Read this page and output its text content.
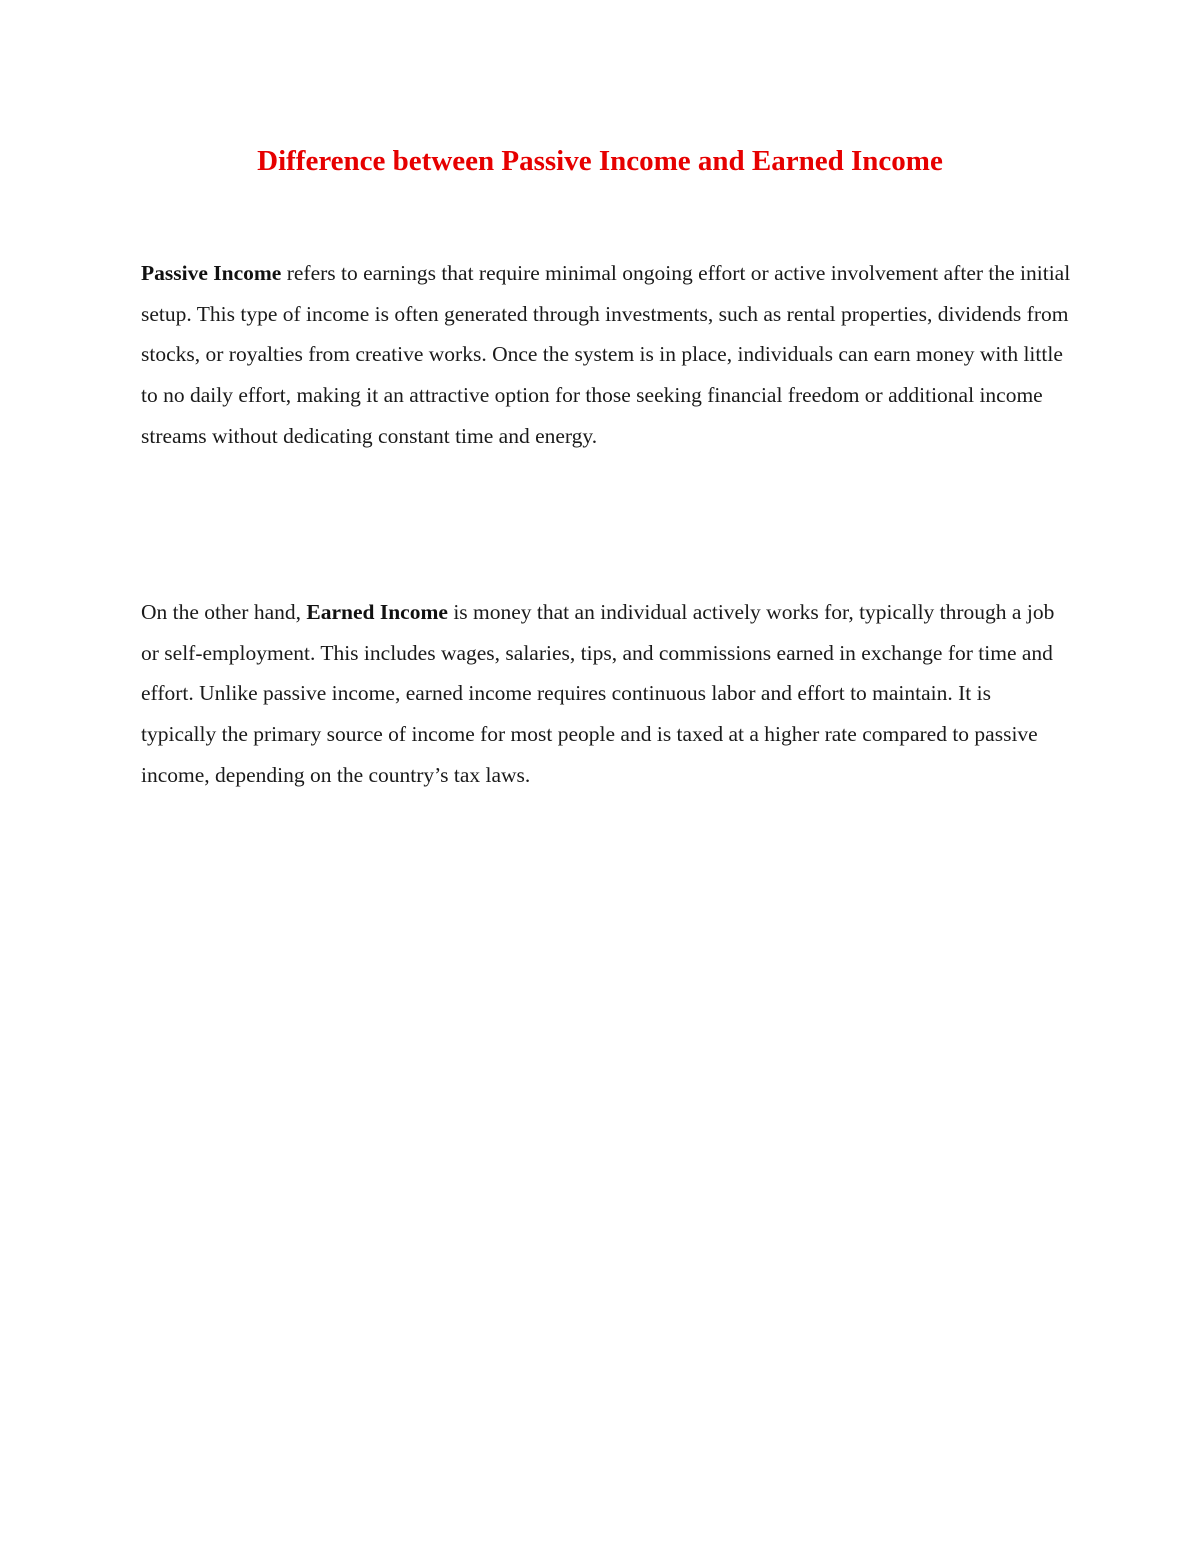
Difference between Passive Income and Earned Income

Passive Income refers to earnings that require minimal ongoing effort or active involvement after the initial setup. This type of income is often generated through investments, such as rental properties, dividends from stocks, or royalties from creative works. Once the system is in place, individuals can earn money with little to no daily effort, making it an attractive option for those seeking financial freedom or additional income streams without dedicating constant time and energy.

On the other hand, Earned Income is money that an individual actively works for, typically through a job or self-employment. This includes wages, salaries, tips, and commissions earned in exchange for time and effort. Unlike passive income, earned income requires continuous labor and effort to maintain. It is typically the primary source of income for most people and is taxed at a higher rate compared to passive income, depending on the country’s tax laws.
